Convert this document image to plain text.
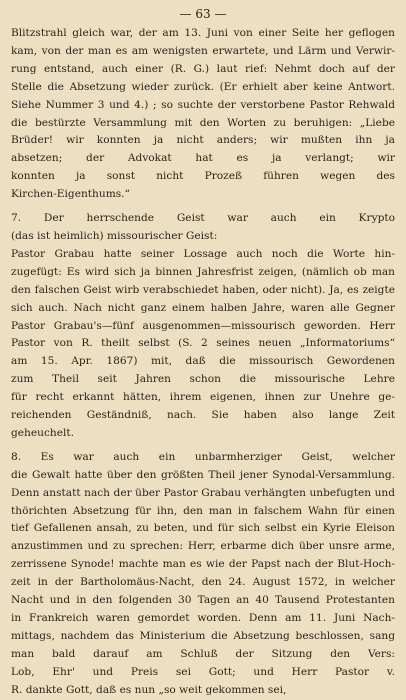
— 63 —
Blitzstrahl gleich war, der am 13. Juni von einer Seite her geflogen
kam, von der man es am wenigsten erwartete, und Lärm und Verwir-
rung entstand, auch einer (R. G.) laut rief: Nehmt doch auf der
Stelle die Absetzung wieder zurück. (Er erhielt aber keine Antwort.
Siehe Nummer 3 und 4.) ; so suchte der verstorbene Pastor Rehwald
die bestürzte Versammlung mit den Worten zu beruhigen: „Liebe
Brüder! wir konnten ja nicht anders; wir mußten ihn ja
absetzen; der Advokat hat es ja verlangt; wir
konnten ja sonst nicht Prozeß führen wegen des
Kirchen-Eigenthums.“
7. Der herrschende Geist war auch ein Krypto
(das ist heimlich) missourischer Geist:
Pastor Grabau hatte seiner Lossage auch noch die Worte hin-
zugefügt: Es wird sich ja binnen Jahresfrist zeigen, (nämlich ob man
den falschen Geist wirb verabschiedet haben, oder nicht). Ja, es zeigte
sich auch. Nach nicht ganz einem halben Jahre, waren alle Gegner
Pastor Grabau's—fünf ausgenommen—missourisch geworden. Herr
Pastor von R. theilt selbst (S. 2 seines neuen „Informatoriums“
am 15. Apr. 1867) mit, daß die missourisch Gewordenen
zum Theil seit Jahren schon die missourische Lehre
für recht erkannt hätten, ihrem eigenen, ihnen zur Unehre ge-
reichenden Geständniß, nach. Sie haben also lange Zeit
geheuchelt.
8. Es war auch ein unbarmherziger Geist, welcher
die Gewalt hatte über den größten Theil jener Synodal-Versammlung.
Denn anstatt nach der über Pastor Grabau verhängten unbefugten und
thörichten Absetzung für ihn, den man in falschem Wahn für einen
tief Gefallenen ansah, zu beten, und für sich selbst ein Kyrie Eleison
anzustimmen und zu sprechen: Herr, erbarme dich über unsre arme,
zerrissene Synode! machte man es wie der Papst nach der Blut-Hoch-
zeit in der Bartholomäus-Nacht, den 24. August 1572, in welcher
Nacht und in den folgenden 30 Tagen an 40 Tausend Protestanten
in Frankreich waren gemordet worden. Denn am 11. Juni Nach-
mittags, nachdem das Ministerium die Absetzung beschlossen, sang
man bald darauf am Schluß der Sitzung den Vers:
Lob, Ehr' und Preis sei Gott; und Herr Pastor v.
R. dankte Gott, daß es nun „so weit gekommen sei,
